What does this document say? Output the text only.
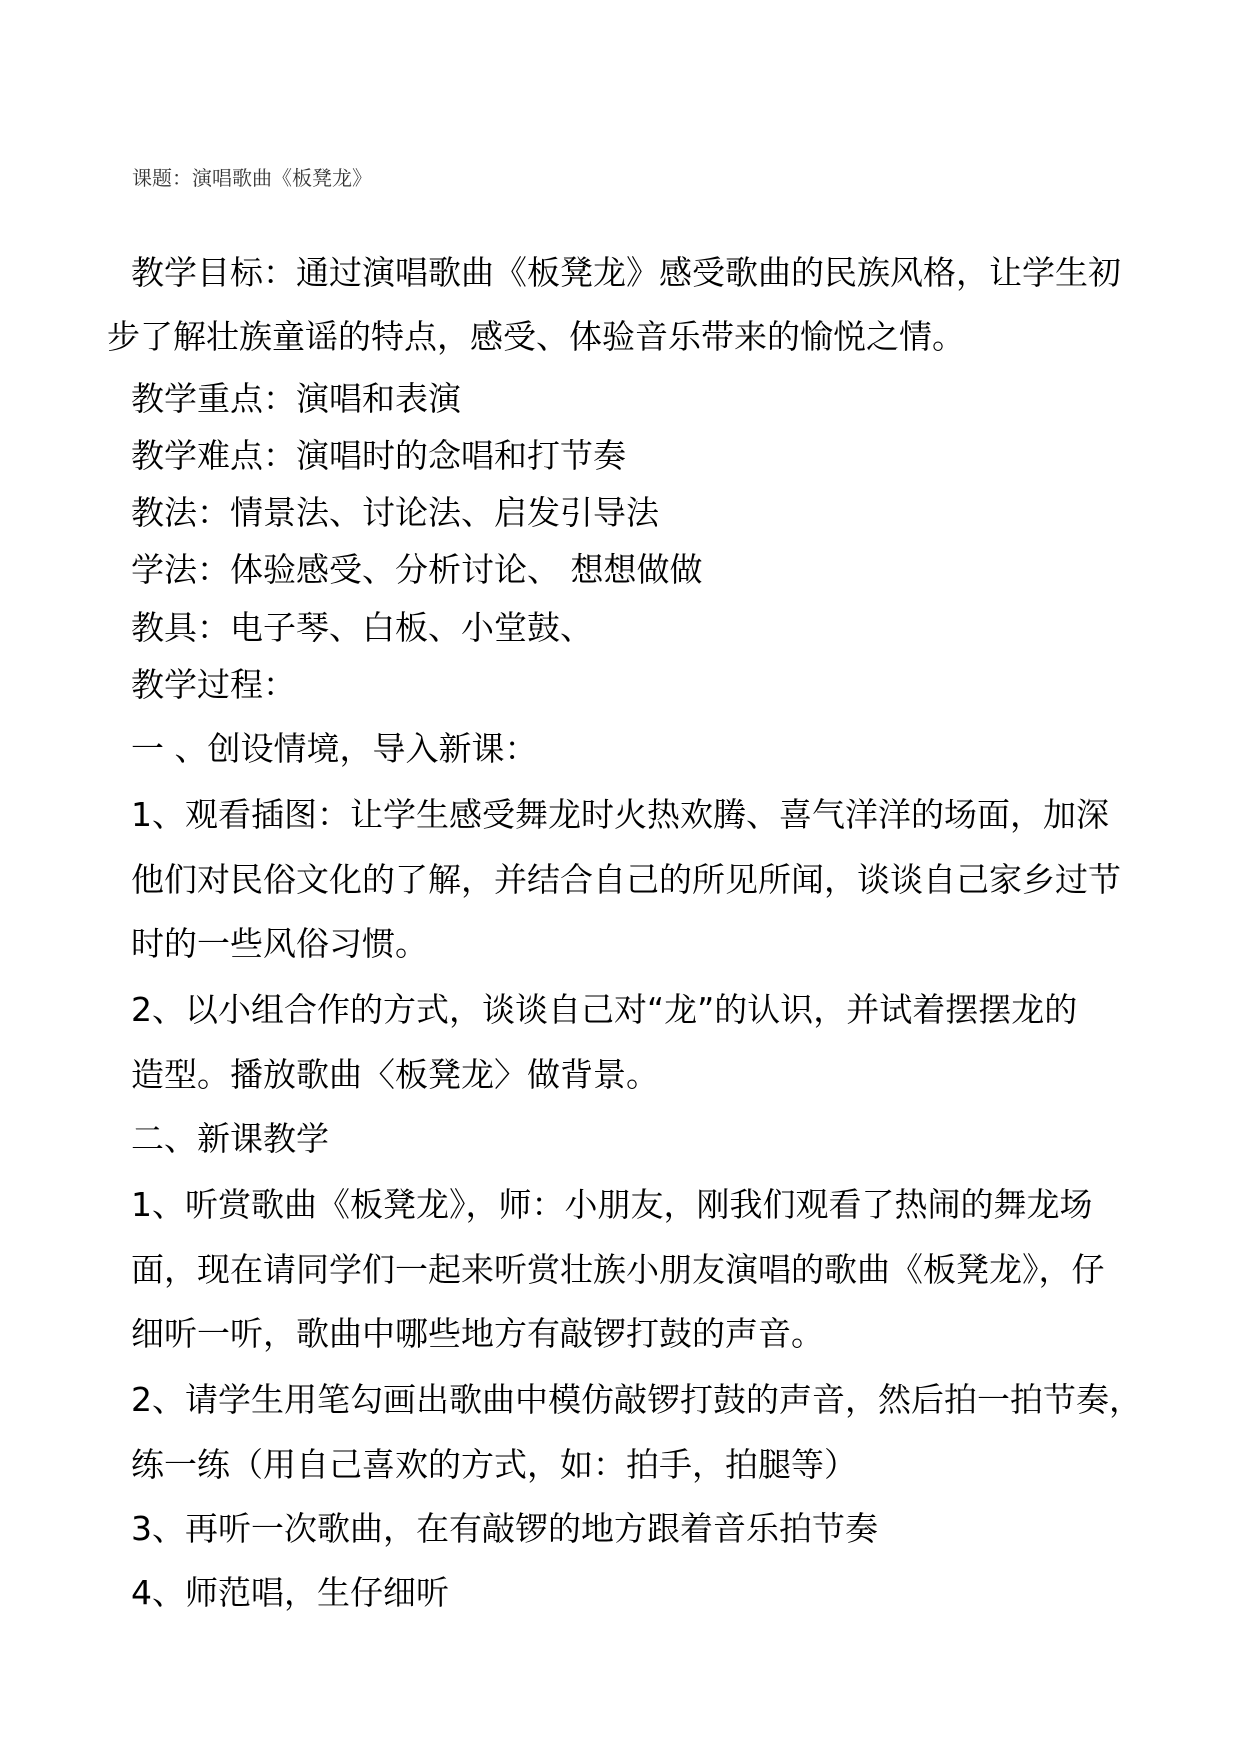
课题：演唱歌曲《板凳龙》
教学目标：通过演唱歌曲《板凳龙》感受歌曲的民族风格，让学生初
步了解壮族童谣的特点，感受、体验音乐带来的愉悦之情。
教学重点：演唱和表演
教学难点：演唱时的念唱和打节奏
教法：情景法、讨论法、启发引导法
学法：体验感受、分析讨论、 想想做做
教具：电子琴、白板、小堂鼓、
教学过程：
一 、创设情境，导入新课：
1、观看插图：让学生感受舞龙时火热欢腾、喜气洋洋的场面，加深
他们对民俗文化的了解，并结合自己的所见所闻，谈谈自己家乡过节
时的一些风俗习惯。
2、以小组合作的方式，谈谈自己对“龙”的认识，并试着摆摆龙的
造型。播放歌曲〈板凳龙〉做背景。
二、新课教学
1、听赏歌曲《板凳龙》，师：小朋友，刚我们观看了热闹的舞龙场
面，现在请同学们一起来听赏壮族小朋友演唱的歌曲《板凳龙》，仔
细听一听，歌曲中哪些地方有敲锣打鼓的声音。
2、请学生用笔勾画出歌曲中模仿敲锣打鼓的声音，然后拍一拍节奏，
练一练（用自己喜欢的方式，如：拍手，拍腿等）
3、再听一次歌曲，在有敲锣的地方跟着音乐拍节奏
4、师范唱，生仔细听
